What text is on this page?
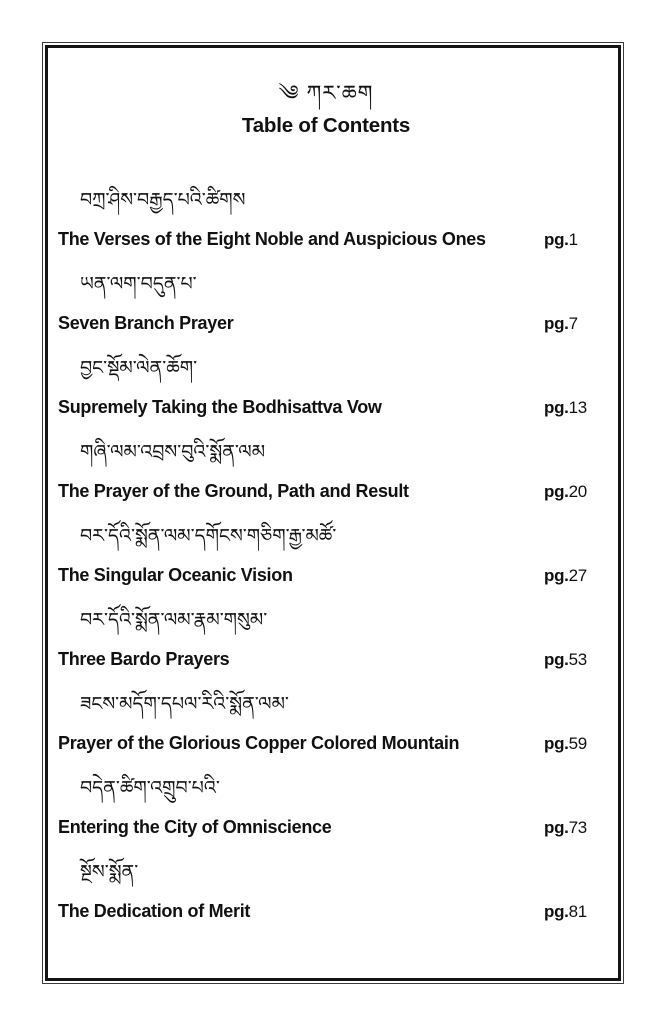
༄ ཀར་ཆག
Table of Contents
བཀྲ་ཤིས་བརྒྱད་པའི་ཚིགས
The Verses of the Eight Noble and Auspicious Ones	pg.1
ཡན་ལག་བདུན་པ་
Seven Branch Prayer	pg.7
བྱང་སྡོམ་ལེན་ཆོག་
Supremely Taking the Bodhisattva Vow	pg.13
གཞི་ལམ་འབྲས་བུའི་སྨོན་ལམ
The Prayer of the Ground, Path and Result	pg.20
བར་དོའི་སྨོན་ལམ་དགོངས་གཅིག་རྒྱ་མཚོ་
The Singular Oceanic Vision	pg.27
བར་དོའི་སྨོན་ལམ་རྣམ་གསུམ་
Three Bardo Prayers	pg.53
ཟངས་མདོག་དཔལ་རིའི་སྨོན་ལམ་
Prayer of the Glorious Copper Colored Mountain	pg.59
བདེན་ཚིག་འགྲུབ་པའི་
Entering the City of Omniscience	pg.73
སྔོས་སྨོན་
The Dedication of Merit	pg.81
